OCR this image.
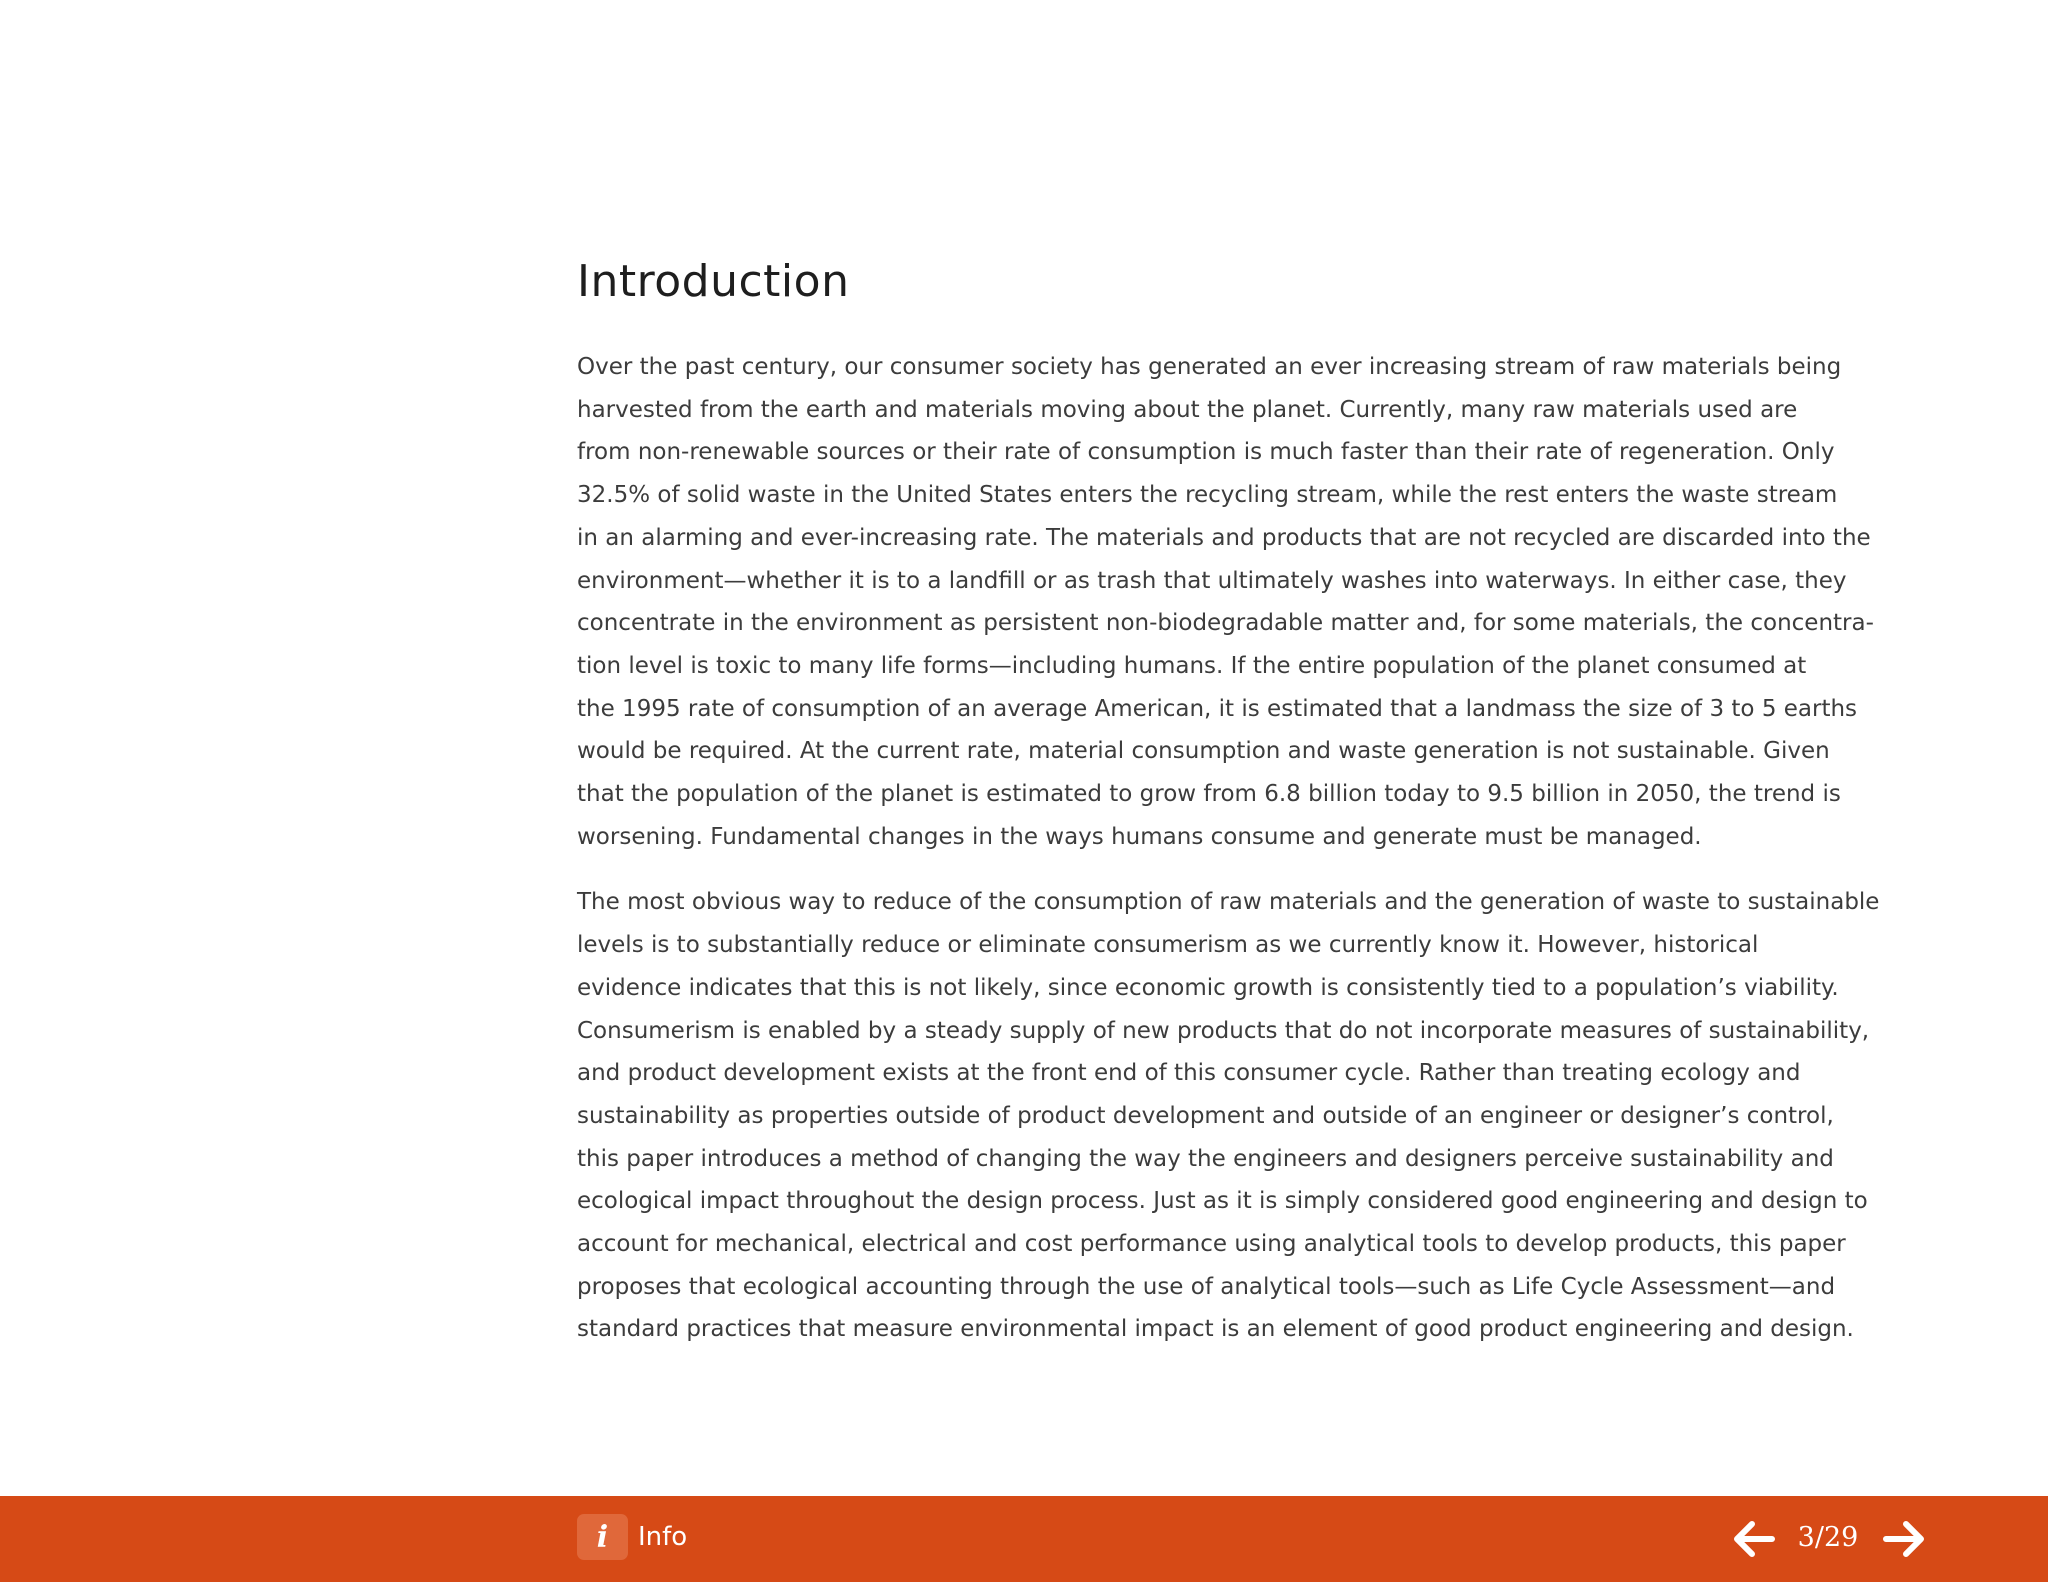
Introduction
Over the past century, our consumer society has generated an ever increasing stream of raw materials being
harvested from the earth and materials moving about the planet. Currently, many raw materials used are
from non-renewable sources or their rate of consumption is much faster than their rate of regeneration. Only
32.5% of solid waste in the United States enters the recycling stream, while the rest enters the waste stream
in an alarming and ever-increasing rate. The materials and products that are not recycled are discarded into the
environment—whether it is to a landfill or as trash that ultimately washes into waterways. In either case, they
concentrate in the environment as persistent non-biodegradable matter and, for some materials, the concentra-
tion level is toxic to many life forms—including humans. If the entire population of the planet consumed at
the 1995 rate of consumption of an average American, it is estimated that a landmass the size of 3 to 5 earths
would be required. At the current rate, material consumption and waste generation is not sustainable. Given
that the population of the planet is estimated to grow from 6.8 billion today to 9.5 billion in 2050, the trend is
worsening. Fundamental changes in the ways humans consume and generate must be managed.
The most obvious way to reduce of the consumption of raw materials and the generation of waste to sustainable
levels is to substantially reduce or eliminate consumerism as we currently know it. However, historical
evidence indicates that this is not likely, since economic growth is consistently tied to a population’s viability.
Consumerism is enabled by a steady supply of new products that do not incorporate measures of sustainability,
and product development exists at the front end of this consumer cycle. Rather than treating ecology and
sustainability as properties outside of product development and outside of an engineer or designer’s control,
this paper introduces a method of changing the way the engineers and designers perceive sustainability and
ecological impact throughout the design process. Just as it is simply considered good engineering and design to
account for mechanical, electrical and cost performance using analytical tools to develop products, this paper
proposes that ecological accounting through the use of analytical tools—such as Life Cycle Assessment—and
standard practices that measure environmental impact is an element of good product engineering and design.
i	Info	3/29
